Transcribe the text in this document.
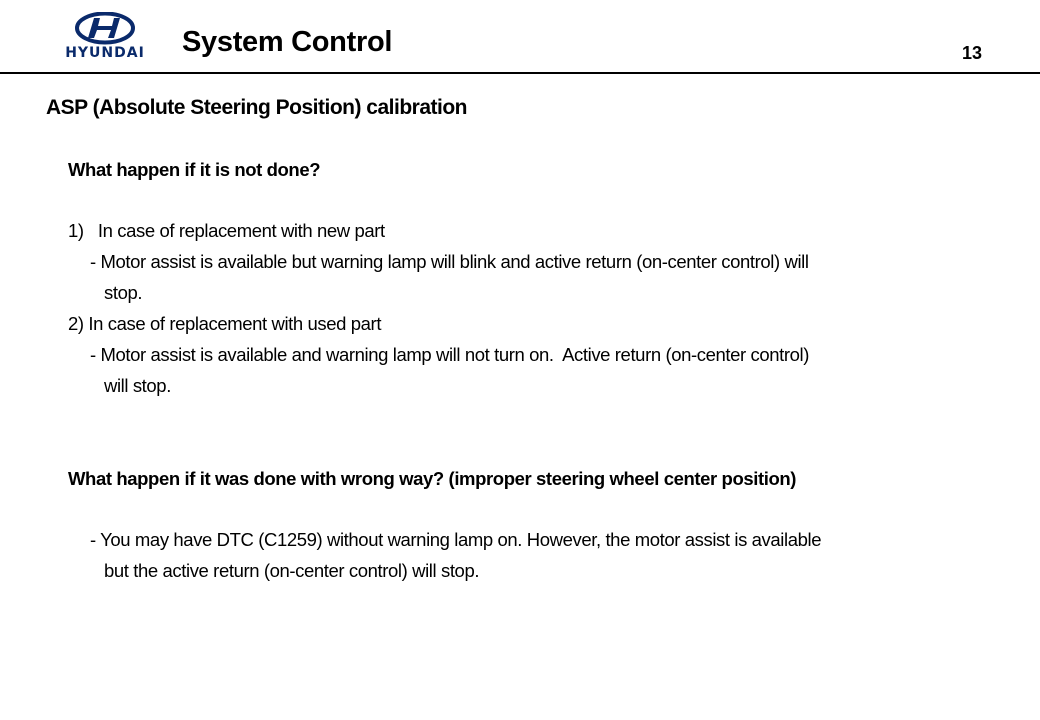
HYUNDAI	System Control	13
ASP (Absolute Steering Position) calibration
What happen if it is not done?
1)   In case of replacement with new part
- Motor assist is available but warning lamp will blink and active return (on-center control) will
stop.
2) In case of replacement with used part
- Motor assist is available and warning lamp will not turn on.  Active return (on-center control)
will stop.
What happen if it was done with wrong way? (improper steering wheel center position)
- You may have DTC (C1259) without warning lamp on. However, the motor assist is available
but the active return (on-center control) will stop.
